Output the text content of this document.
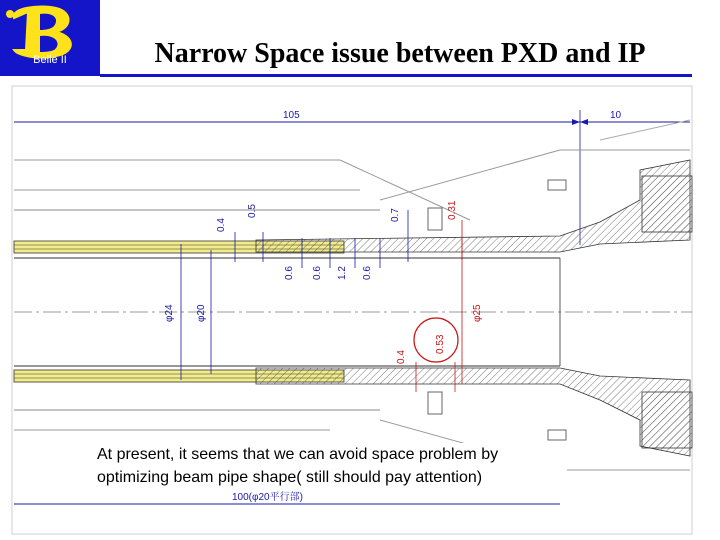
Belle II	Narrow Space issue between PXD and IP
105	10
0.4
0.5	0.7	0.31
0.6 0.6 1.2 0.6
φ24 φ20	φ25
0.4
0.53
100(φ20平行部)
At present, it seems that we can avoid space problem by
optimizing beam pipe shape( still should pay attention)
